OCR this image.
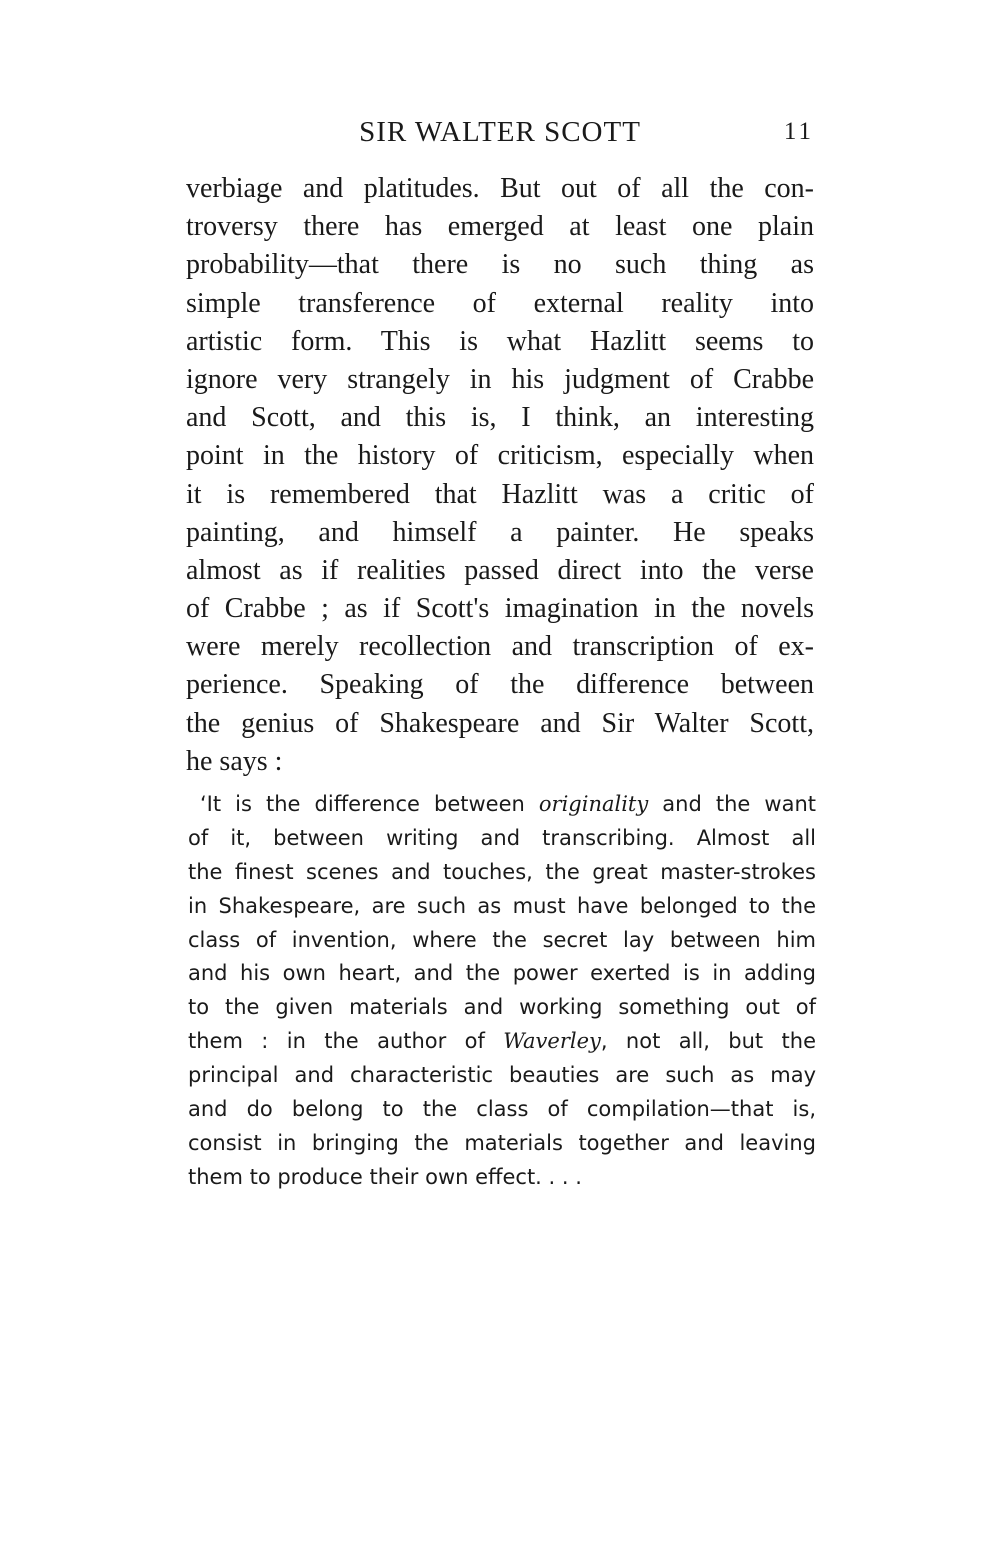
SIR WALTER SCOTT	11
verbiage and platitudes. But out of all the con-
troversy there has emerged at least one plain
probability—that there is no such thing as
simple transference of external reality into
artistic form. This is what Hazlitt seems to
ignore very strangely in his judgment of Crabbe
and Scott, and this is, I think, an interesting
point in the history of criticism, especially when
it is remembered that Hazlitt was a critic of
painting, and himself a painter. He speaks
almost as if realities passed direct into the verse
of Crabbe ; as if Scott's imagination in the novels
were merely recollection and transcription of ex-
perience. Speaking of the difference between
the genius of Shakespeare and Sir Walter Scott,
he says :
‘It is the difference between originality and the want
of it, between writing and transcribing. Almost all
the finest scenes and touches, the great master-strokes
in Shakespeare, are such as must have belonged to the
class of invention, where the secret lay between him
and his own heart, and the power exerted is in adding
to the given materials and working something out of
them : in the author of Waverley, not all, but the
principal and characteristic beauties are such as may
and do belong to the class of compilation—that is,
consist in bringing the materials together and leaving
them to produce their own effect. . . .
